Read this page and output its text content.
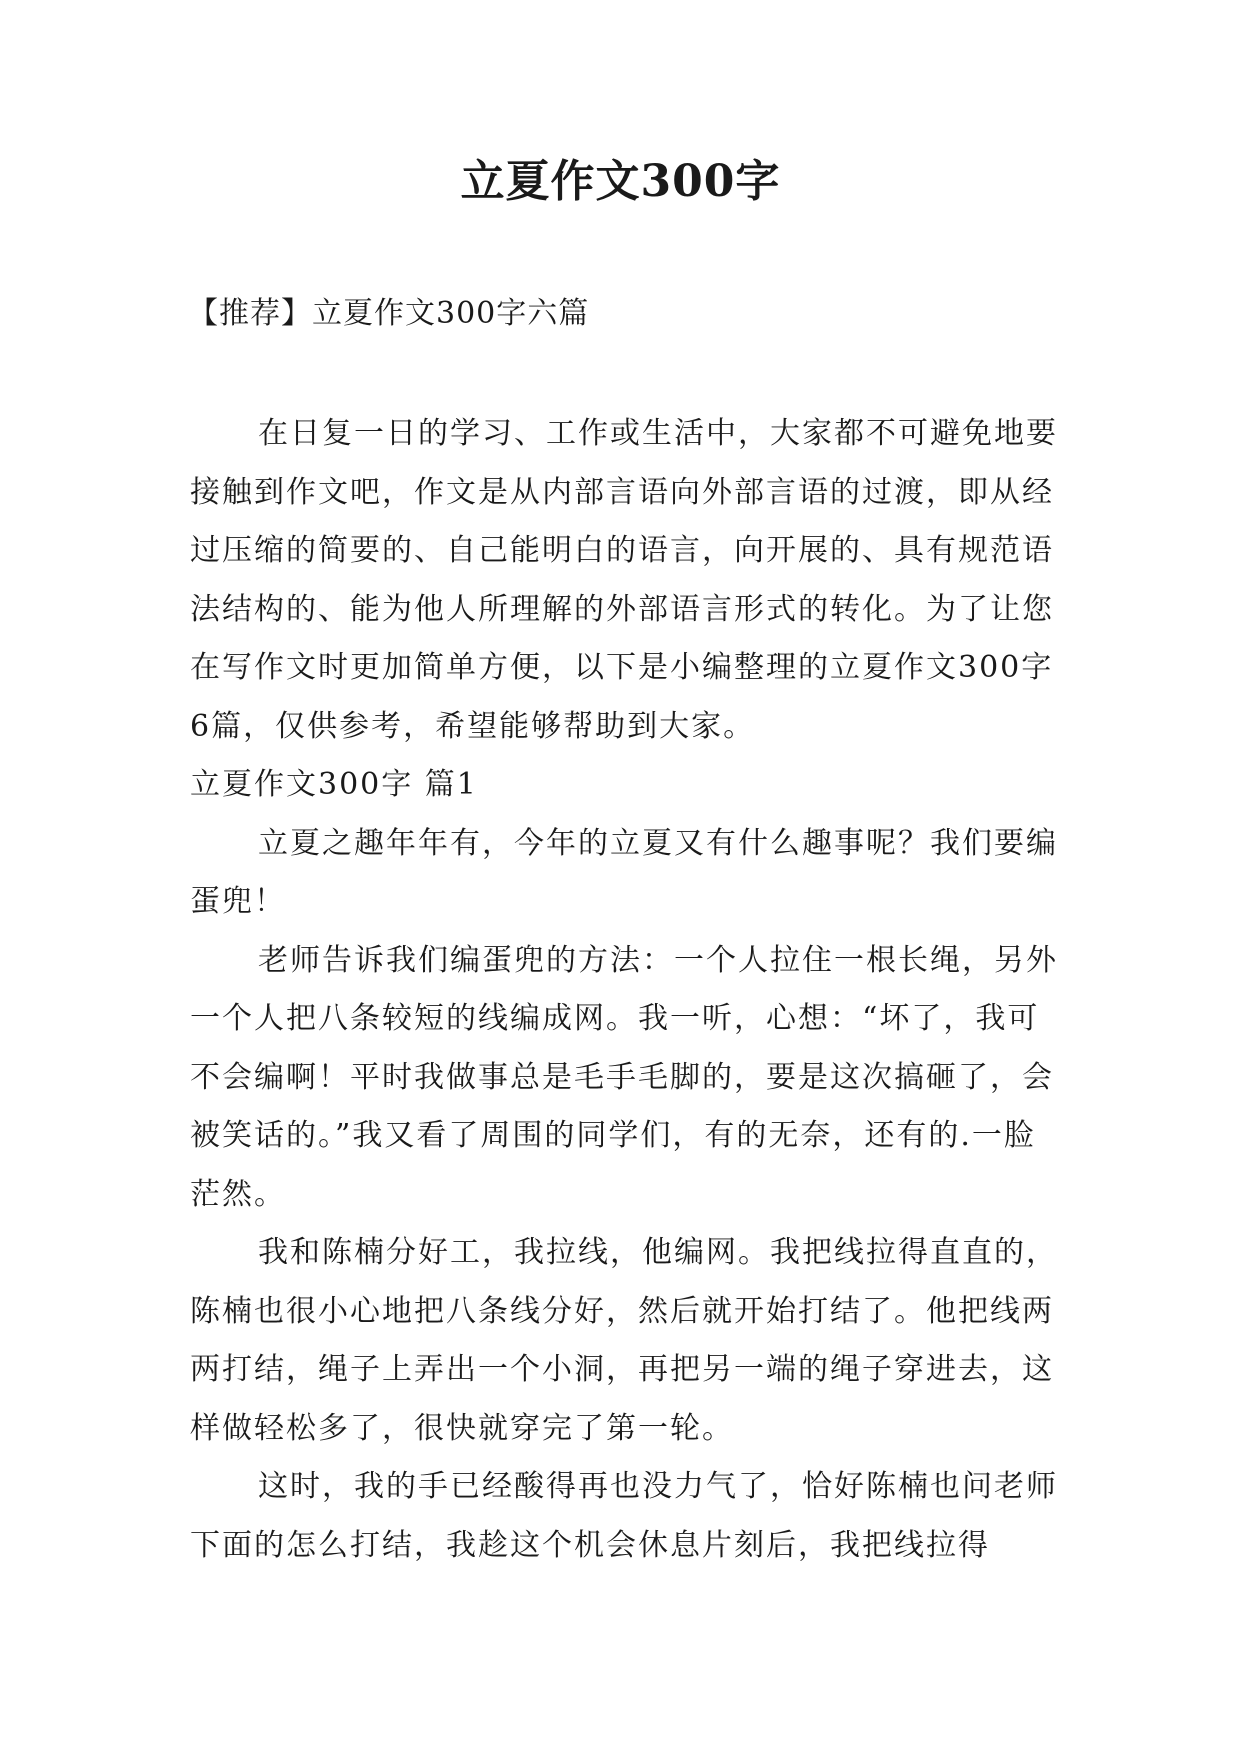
立夏作文300字

【推荐】立夏作文300字六篇

在日复一日的学习、工作或生活中，大家都不可避免地要接触到作文吧，作文是从内部言语向外部言语的过渡，即从经过压缩的简要的、自己能明白的语言，向开展的、具有规范语法结构的、能为他人所理解的外部语言形式的转化。为了让您在写作文时更加简单方便，以下是小编整理的立夏作文300字6篇，仅供参考，希望能够帮助到大家。

立夏作文300字 篇1

立夏之趣年年有，今年的立夏又有什么趣事呢？我们要编蛋兜！

老师告诉我们编蛋兜的方法：一个人拉住一根长绳，另外一个人把八条较短的线编成网。我一听，心想：“坏了，我可不会编啊！平时我做事总是毛手毛脚的，要是这次搞砸了，会被笑话的。”我又看了周围的同学们，有的无奈，还有的.一脸茫然。

我和陈楠分好工，我拉线，他编网。我把线拉得直直的，陈楠也很小心地把八条线分好，然后就开始打结了。他把线两两打结，绳子上弄出一个小洞，再把另一端的绳子穿进去，这样做轻松多了，很快就穿完了第一轮。

这时，我的手已经酸得再也没力气了，恰好陈楠也问老师下面的怎么打结，我趁这个机会休息片刻后，我把线拉得
